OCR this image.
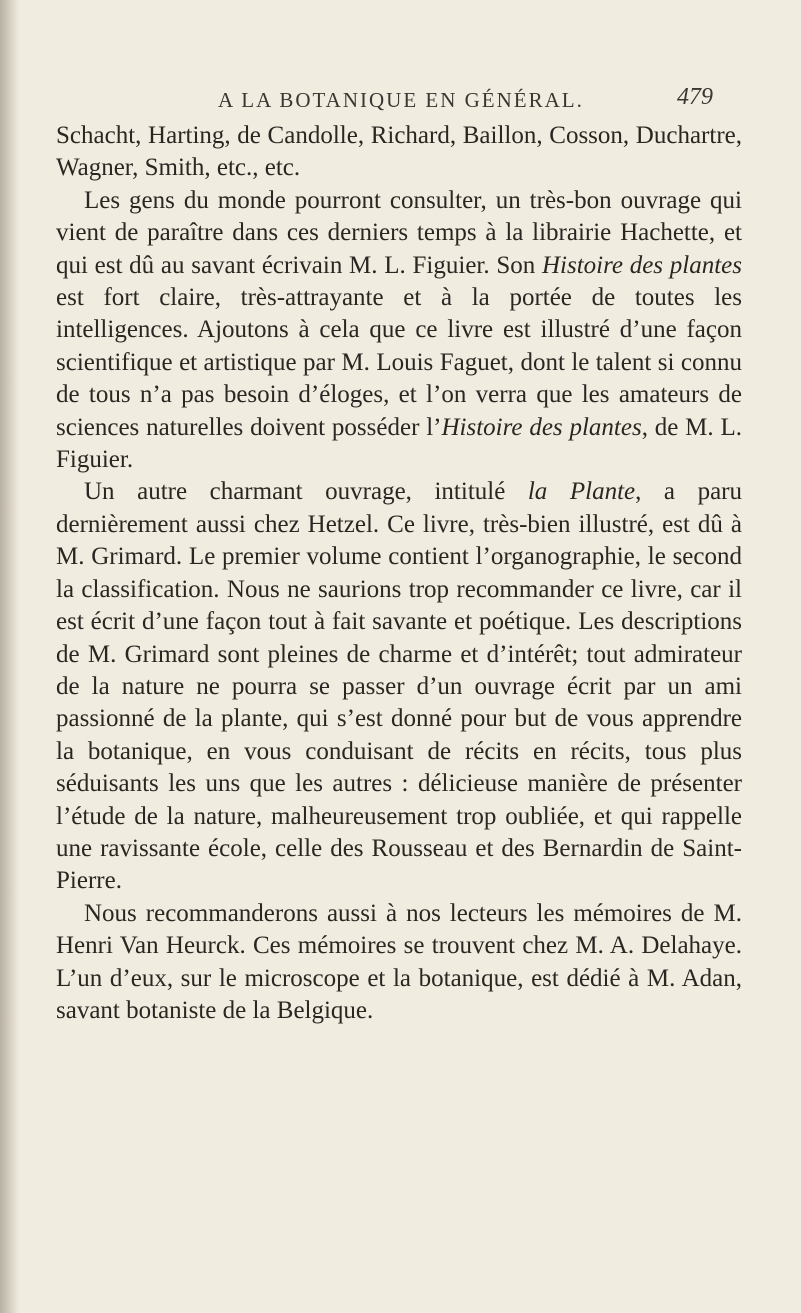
A LA BOTANIQUE EN GÉNÉRAL.	479

Schacht, Harting, de Candolle, Richard, Baillon, Cosson, Duchartre, Wagner, Smith, etc., etc.

Les gens du monde pourront consulter, un très-bon ouvrage qui vient de paraître dans ces derniers temps à la librairie Hachette, et qui est dû au savant écrivain M. L. Figuier. Son Histoire des plantes est fort claire, très-attrayante et à la portée de toutes les intelligences. Ajoutons à cela que ce livre est illustré d’une façon scientifique et artistique par M. Louis Faguet, dont le talent si connu de tous n’a pas besoin d’éloges, et l’on verra que les amateurs de sciences naturelles doivent posséder l’Histoire des plantes, de M. L. Figuier.

Un autre charmant ouvrage, intitulé la Plante, a paru dernièrement aussi chez Hetzel. Ce livre, très-bien illustré, est dû à M. Grimard. Le premier volume contient l’organographie, le second la classification. Nous ne saurions trop recommander ce livre, car il est écrit d’une façon tout à fait savante et poétique. Les descriptions de M. Grimard sont pleines de charme et d’intérêt; tout admirateur de la nature ne pourra se passer d’un ouvrage écrit par un ami passionné de la plante, qui s’est donné pour but de vous apprendre la botanique, en vous conduisant de récits en récits, tous plus séduisants les uns que les autres : délicieuse manière de présenter l’étude de la nature, malheureusement trop oubliée, et qui rappelle une ravissante école, celle des Rousseau et des Bernardin de Saint-Pierre.

Nous recommanderons aussi à nos lecteurs les mémoires de M. Henri Van Heurck. Ces mémoires se trouvent chez M. A. Delahaye. L’un d’eux, sur le microscope et la botanique, est dédié à M. Adan, savant botaniste de la Belgique.
